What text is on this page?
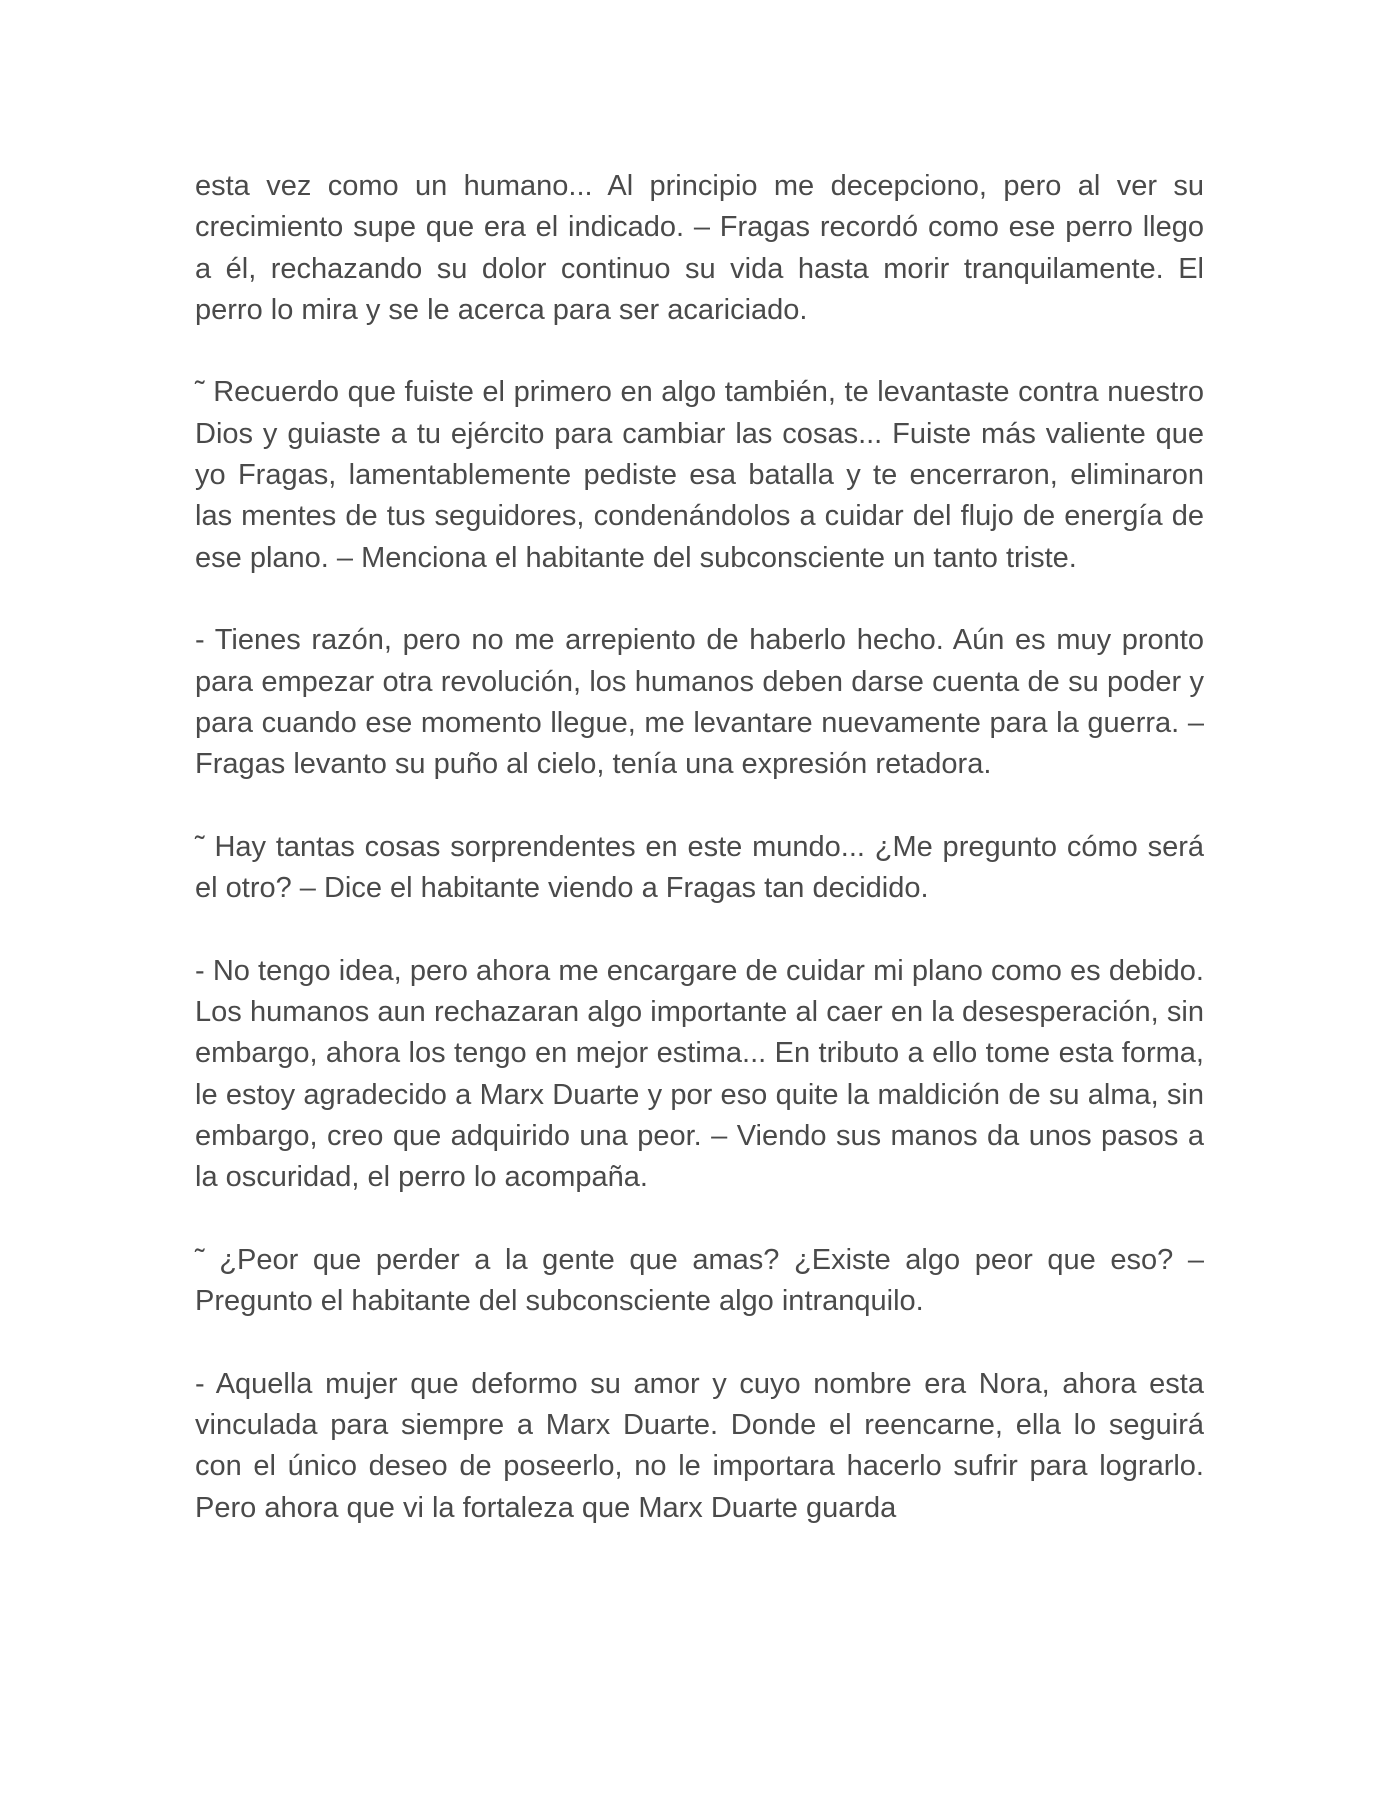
esta vez como un humano... Al principio me decepciono, pero al ver su crecimiento supe que era el indicado. – Fragas recordó como ese perro llego a él, rechazando su dolor continuo su vida hasta morir tranquilamente. El perro lo mira y se le acerca para ser acariciado.

˜ Recuerdo que fuiste el primero en algo también, te levantaste contra nuestro Dios y guiaste a tu ejército para cambiar las cosas... Fuiste más valiente que yo Fragas, lamentablemente pediste esa batalla y te encerraron, eliminaron las mentes de tus seguidores, condenándolos a cuidar del flujo de energía de ese plano. – Menciona el habitante del subconsciente un tanto triste.

- Tienes razón, pero no me arrepiento de haberlo hecho. Aún es muy pronto para empezar otra revolución, los humanos deben darse cuenta de su poder y para cuando ese momento llegue, me levantare nuevamente para la guerra. – Fragas levanto su puño al cielo, tenía una expresión retadora.

˜ Hay tantas cosas sorprendentes en este mundo... ¿Me pregunto cómo será el otro? – Dice el habitante viendo a Fragas tan decidido.

- No tengo idea, pero ahora me encargare de cuidar mi plano como es debido. Los humanos aun rechazaran algo importante al caer en la desesperación, sin embargo, ahora los tengo en mejor estima... En tributo a ello tome esta forma, le estoy agradecido a Marx Duarte y por eso quite la maldición de su alma, sin embargo, creo que adquirido una peor. – Viendo sus manos da unos pasos a la oscuridad, el perro lo acompaña.

˜ ¿Peor que perder a la gente que amas? ¿Existe algo peor que eso? – Pregunto el habitante del subconsciente algo intranquilo.

- Aquella mujer que deformo su amor y cuyo nombre era Nora, ahora esta vinculada para siempre a Marx Duarte. Donde el reencarne, ella lo seguirá con el único deseo de poseerlo, no le importara hacerlo sufrir para lograrlo. Pero ahora que vi la fortaleza que Marx Duarte guarda
